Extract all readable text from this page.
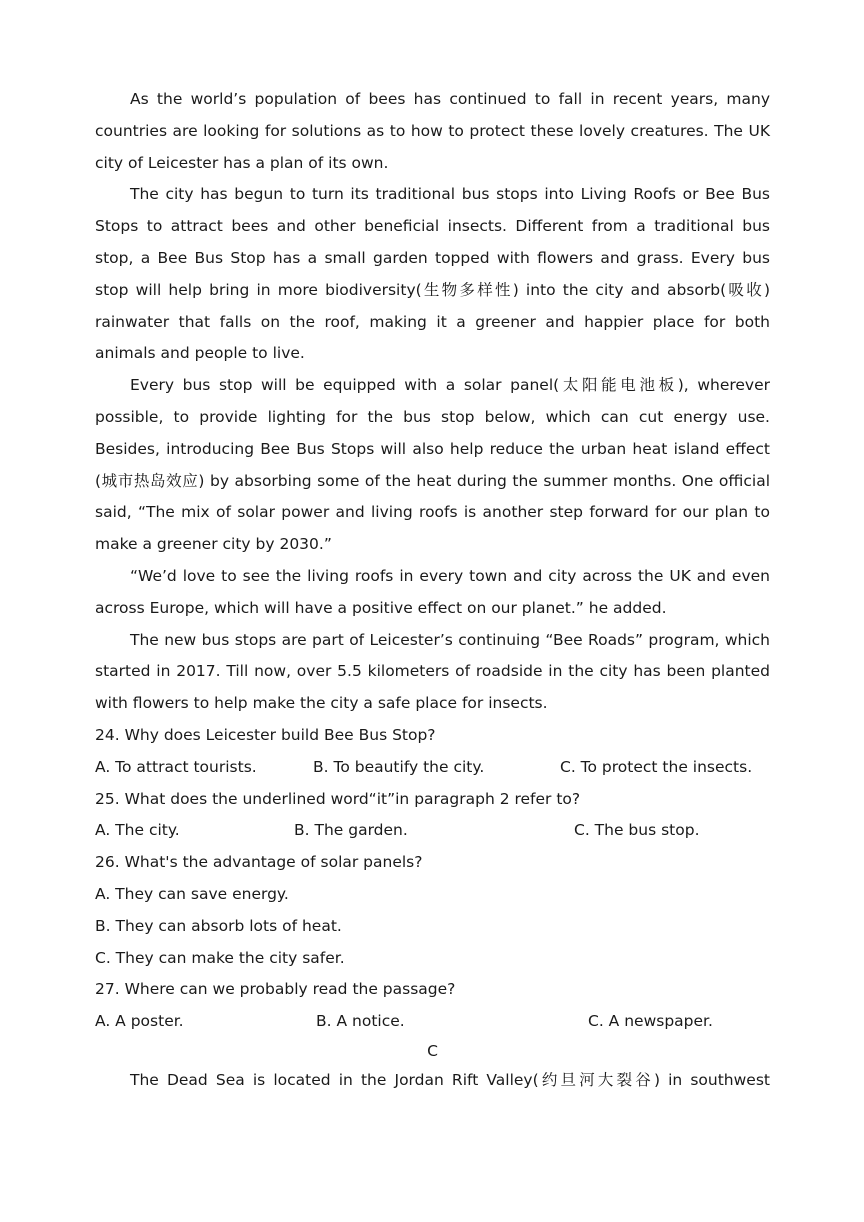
As the world’s population of bees has continued to fall in recent years, many countries are looking for solutions as to how to protect these lovely creatures. The UK city of Leicester has a plan of its own.

The city has begun to turn its traditional bus stops into Living Roofs or Bee Bus Stops to attract bees and other beneficial insects. Different from a traditional bus stop, a Bee Bus Stop has a small garden topped with flowers and grass. Every bus stop will help bring in more biodiversity(生物多样性) into the city and absorb(吸收) rainwater that falls on the roof, making it a greener and happier place for both animals and people to live.

Every bus stop will be equipped with a solar panel(太阳能电池板), wherever possible, to provide lighting for the bus stop below, which can cut energy use. Besides, introducing Bee Bus Stops will also help reduce the urban heat island effect (城市热岛效应) by absorbing some of the heat during the summer months. One official said, “The mix of solar power and living roofs is another step forward for our plan to make a greener city by 2030.”

“We’d love to see the living roofs in every town and city across the UK and even across Europe, which will have a positive effect on our planet.” he added.

The new bus stops are part of Leicester’s continuing “Bee Roads” program, which started in 2017. Till now, over 5.5 kilometers of roadside in the city has been planted with flowers to help make the city a safe place for insects.

24. Why does Leicester build Bee Bus Stop?

A. To attract tourists.	B. To beautify the city.	C. To protect the insects.

25. What does the underlined word“it”in paragraph 2 refer to?

A. The city.	B. The garden.	C. The bus stop.

26. What's the advantage of solar panels?

A. They can save energy.

B. They can absorb lots of heat.

C. They can make the city safer.

27. Where can we probably read the passage?

A. A poster.	B. A notice.	C. A newspaper.

C

The Dead Sea is located in the Jordan Rift Valley(约旦河大裂谷) in southwest
